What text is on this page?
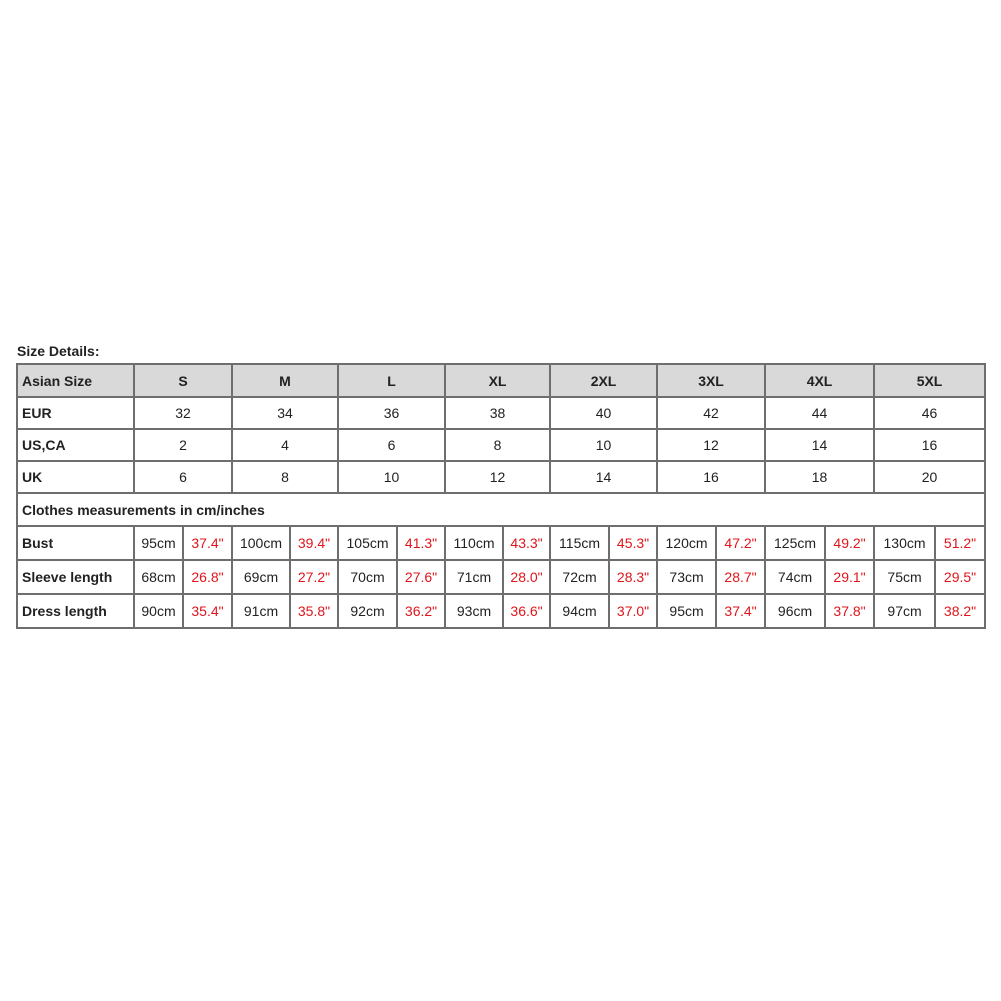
Size Details:
Asian Size	S		M		L		XL		2XL		3XL		4XL		5XL	
EUR	32		34		36		38		40		42		44		46	
US,CA	2		4		6		8		10		12		14		16	
UK	6		8		10		12		14		16		18		20	
Clothes measurements in cm/inches																
Bust	95cm	37.4"	100cm	39.4"	105cm	41.3"	110cm	43.3"	115cm	45.3"	120cm	47.2"	125cm	49.2"	130cm	51.2"
Sleeve length	68cm	26.8"	69cm	27.2"	70cm	27.6"	71cm	28.0"	72cm	28.3"	73cm	28.7"	74cm	29.1"	75cm	29.5"
Dress length	90cm	35.4"	91cm	35.8"	92cm	36.2"	93cm	36.6"	94cm	37.0"	95cm	37.4"	96cm	37.8"	97cm	38.2"
